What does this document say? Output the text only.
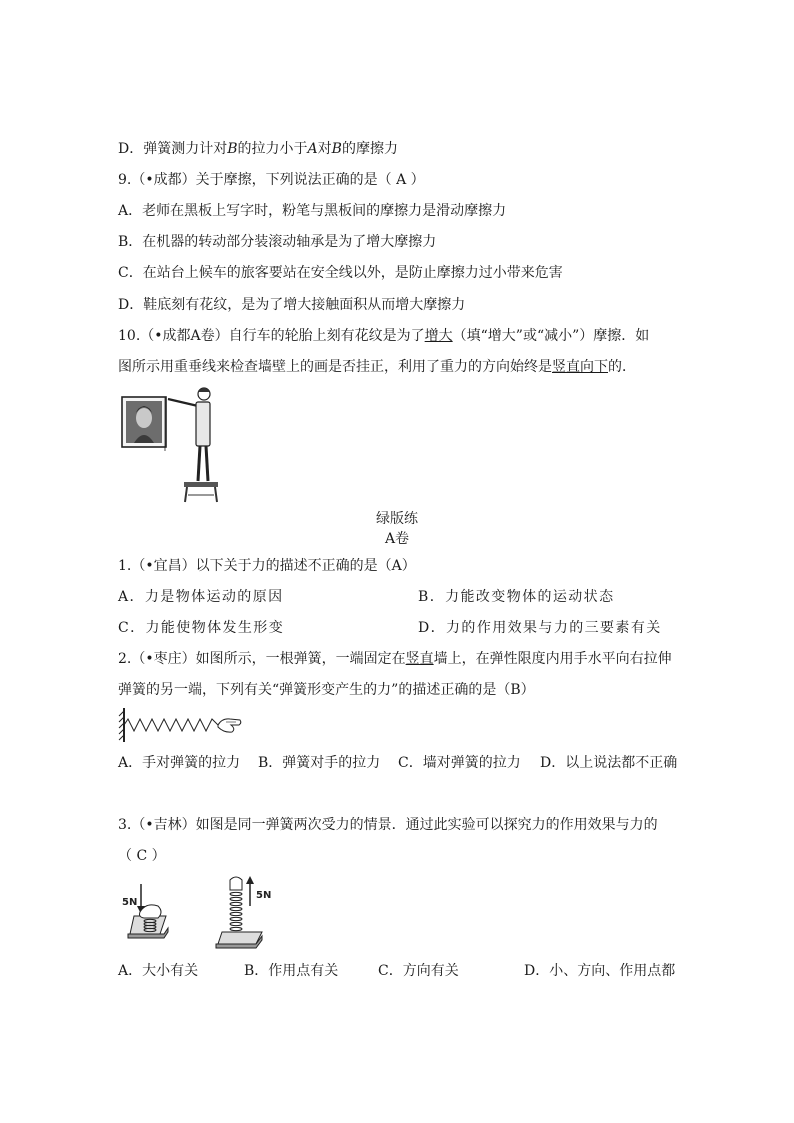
D．弹簧测力计对B的拉力小于A对B的摩擦力
9.（•成都）关于摩擦，下列说法正确的是（ A ）
A．老师在黑板上写字时，粉笔与黑板间的摩擦力是滑动摩擦力
B．在机器的转动部分装滚动轴承是为了增大摩擦力
C．在站台上候车的旅客要站在安全线以外，是防止摩擦力过小带来危害
D．鞋底刻有花纹，是为了增大接触面积从而增大摩擦力
10.（•成都A卷）自行车的轮胎上刻有花纹是为了增大（填“增大”或“减小”）摩擦．如
图所示用重垂线来检查墙壁上的画是否挂正，利用了重力的方向始终是竖直向下的．
绿版练
A卷
1.（•宜昌）以下关于力的描述不正确的是（A）
A．力是物体运动的原因	B．力能改变物体的运动状态
C．力能使物体发生形变	D．力的作用效果与力的三要素有关
2.（•枣庄）如图所示，一根弹簧，一端固定在竖直墙上，在弹性限度内用手水平向右拉伸
弹簧的另一端，下列有关“弹簧形变产生的力”的描述正确的是（B）
A．手对弹簧的拉力 B．弹簧对手的拉力 C．墙对弹簧的拉力 D．以上说法都不正确
3.（•吉林）如图是同一弹簧两次受力的情景．通过此实验可以探究力的作用效果与力的
（ C ）
5N
5N
A．大小有关	B．作用点有关	C．方向有关	D．小、方向、作用点都
